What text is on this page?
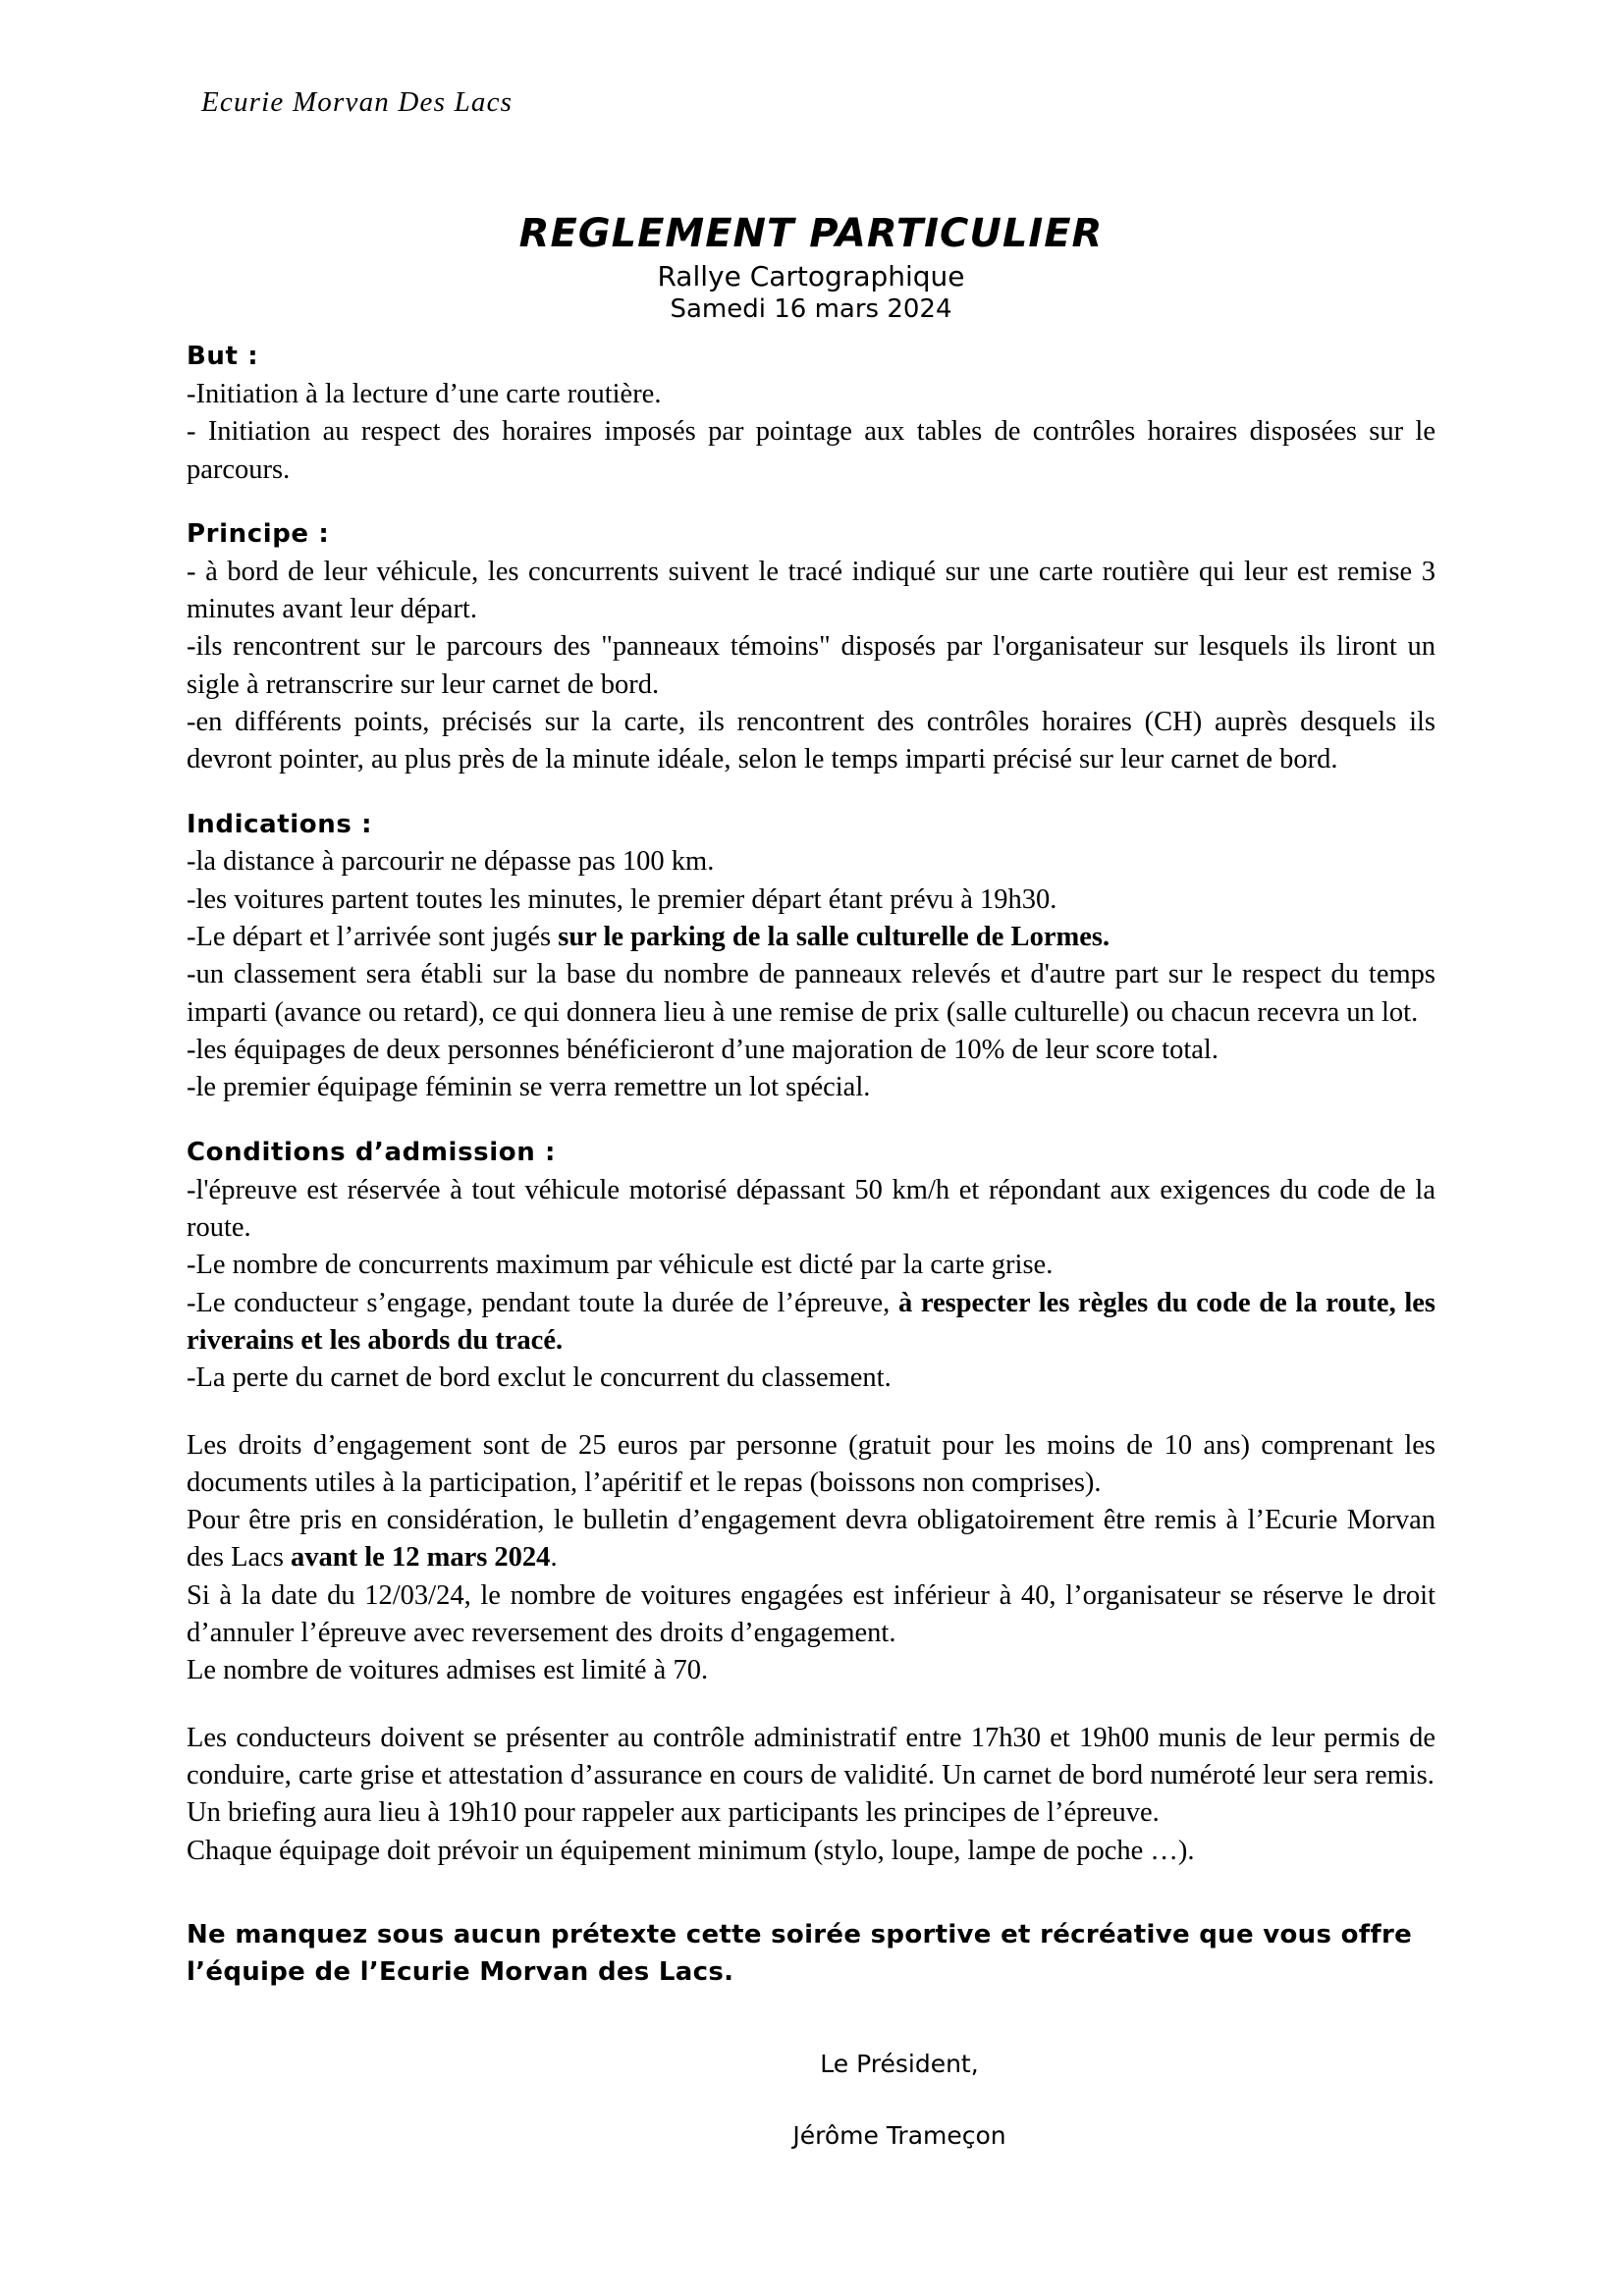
Ecurie Morvan Des Lacs
REGLEMENT PARTICULIER
Rallye Cartographique
Samedi 16 mars 2024
But :

-Initiation à la lecture d’une carte routière.

- Initiation au respect des horaires imposés par pointage aux tables de contrôles horaires disposées sur le parcours.

Principe :

- à bord de leur véhicule, les concurrents suivent le tracé indiqué sur une carte routière qui leur est remise 3 minutes avant leur départ.

-ils rencontrent sur le parcours des "panneaux témoins" disposés par l'organisateur sur lesquels ils liront un sigle à retranscrire sur leur carnet de bord.

-en différents points, précisés sur la carte, ils rencontrent des contrôles horaires (CH) auprès desquels ils devront pointer, au plus près de la minute idéale, selon le temps imparti précisé sur leur carnet de bord.

Indications :

-la distance à parcourir ne dépasse pas 100 km.

-les voitures partent toutes les minutes, le premier départ étant prévu à 19h30.

-Le départ et l’arrivée sont jugés sur le parking de la salle culturelle de Lormes.

-un classement sera établi sur la base du nombre de panneaux relevés et d'autre part sur le respect du temps imparti (avance ou retard), ce qui donnera lieu à une remise de prix (salle culturelle) ou chacun recevra un lot.

-les équipages de deux personnes bénéficieront d’une majoration de 10% de leur score total.

-le premier équipage féminin se verra remettre un lot spécial.

Conditions d’admission :

-l'épreuve est réservée à tout véhicule motorisé dépassant 50 km/h et répondant aux exigences du code de la route.

-Le nombre de concurrents maximum par véhicule est dicté par la carte grise.

-Le conducteur s’engage, pendant toute la durée de l’épreuve, à respecter les règles du code de la route, les riverains et les abords du tracé.

-La perte du carnet de bord exclut le concurrent du classement.

Les droits d’engagement sont de 25 euros par personne (gratuit pour les moins de 10 ans) comprenant les documents utiles à la participation, l’apéritif et le repas (boissons non comprises).

Pour être pris en considération, le bulletin d’engagement devra obligatoirement être remis à l’Ecurie Morvan des Lacs avant le 12 mars 2024.

Si à la date du 12/03/24, le nombre de voitures engagées est inférieur à 40, l’organisateur se réserve le droit d’annuler l’épreuve avec reversement des droits d’engagement.

Le nombre de voitures admises est limité à 70.

Les conducteurs doivent se présenter au contrôle administratif entre 17h30 et 19h00 munis de leur permis de conduire, carte grise et attestation d’assurance en cours de validité. Un carnet de bord numéroté leur sera remis.

Un briefing aura lieu à 19h10 pour rappeler aux participants les principes de l’épreuve.

Chaque équipage doit prévoir un équipement minimum (stylo, loupe, lampe de poche …).

Ne manquez sous aucun prétexte cette soirée sportive et récréative que vous offre l’équipe de l’Ecurie Morvan des Lacs.

Le Président,
Jérôme Trameçon
